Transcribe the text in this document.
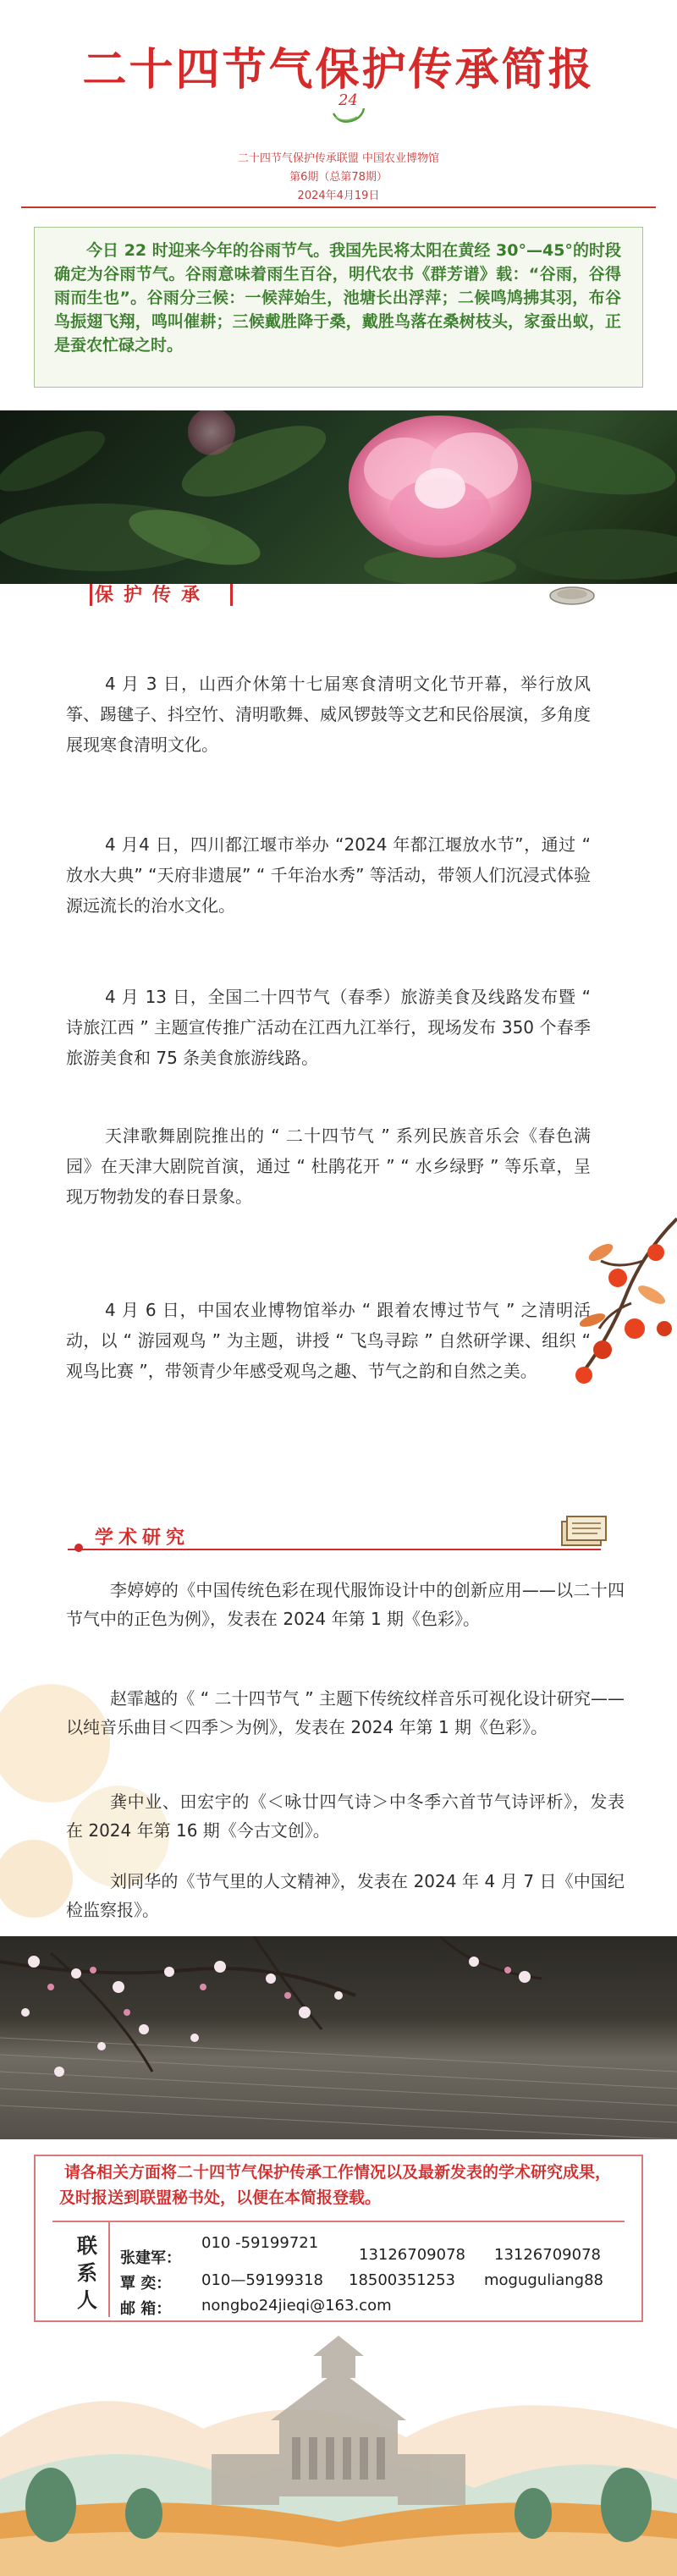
二十四节气保护传承简报
24
二十四节气保护传承联盟 中国农业博物馆
第6期（总第78期）
2024年4月19日
今日 22 时迎来今年的谷雨节气。我国先民将太阳在黄经 30°—45°的时段确定为谷雨节气。谷雨意味着雨生百谷，明代农书《群芳谱》载：“谷雨，谷得雨而生也”。谷雨分三候：一候萍始生，池塘长出浮萍；二候鸣鸠拂其羽，布谷鸟振翅飞翔，鸣叫催耕；三候戴胜降于桑，戴胜鸟落在桑树枝头，家蚕出蚁，正是蚕农忙碌之时。
保护传承
4 月 3 日，山西介休第十七届寒食清明文化节开幕，举行放风筝、踢毽子、抖空竹、清明歌舞、威风锣鼓等文艺和民俗展演，多角度展现寒食清明文化。
4 月4 日，四川都江堰市举办 “2024 年都江堰放水节”，通过 “ 放水大典” “天府非遗展” “ 千年治水秀” 等活动，带领人们沉浸式体验源远流长的治水文化。
4 月 13 日，全国二十四节气（春季）旅游美食及线路发布暨 “ 诗旅江西 ” 主题宣传推广活动在江西九江举行，现场发布 350 个春季旅游美食和 75 条美食旅游线路。
天津歌舞剧院推出的 “ 二十四节气 ” 系列民族音乐会《春色满园》在天津大剧院首演，通过 “ 杜鹃花开 ” “ 水乡绿野 ” 等乐章，呈现万物勃发的春日景象。
4 月 6 日，中国农业博物馆举办 “ 跟着农博过节气 ” 之清明活动，以 “ 游园观鸟 ” 为主题，讲授 “ 飞鸟寻踪 ” 自然研学课、组织 “ 观鸟比赛 ”，带领青少年感受观鸟之趣、节气之韵和自然之美。
学术研究
李婷婷的《中国传统色彩在现代服饰设计中的创新应用——以二十四节气中的正色为例》，发表在 2024 年第 1 期《色彩》。
赵霏越的《 “ 二十四节气 ” 主题下传统纹样音乐可视化设计研究——以纯音乐曲目＜四季＞为例》，发表在 2024 年第 1 期《色彩》。
龚中业、田宏宇的《＜咏廿四气诗＞中冬季六首节气诗评析》，发表在 2024 年第 16 期《今古文创》。
刘同华的《节气里的人文精神》，发表在 2024 年 4 月 7 日《中国纪检监察报》。
请各相关方面将二十四节气保护传承工作情况以及最新发表的学术研究成果，及时报送到联盟秘书处，以便在本简报登载。
联系人
张建军：
010 -59199721
13126709078 13126709078
覃 奕： 010—59199318 18500351253 moguguliang88
邮 箱： nongbo24jieqi@163.com
